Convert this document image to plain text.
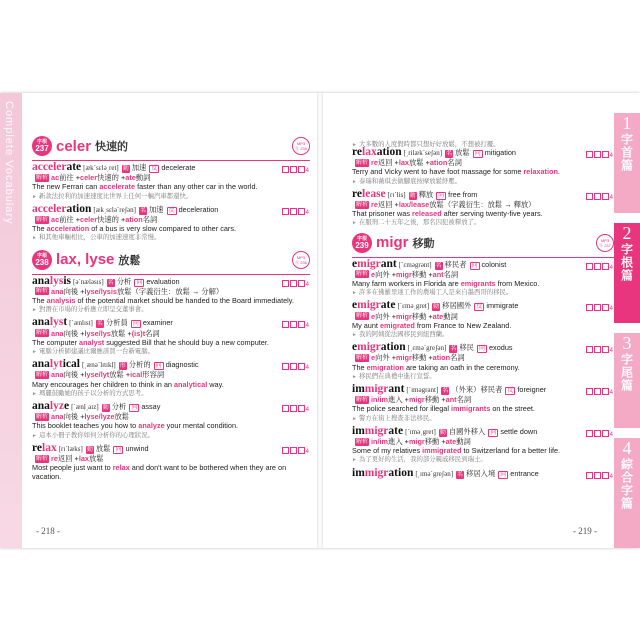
Complete Vocabulary	字根
237 celer 快速的	MP3
Ⓢ 235
accelerate [æk`sɛlə͵ret] 動 加速 反 decelerate	4
解析 ac 前往 + celer 快速的 + ate 動詞
The new Ferrari can accelerate faster than any other car in the world.
► 新款法拉利的加速速度比世界上任何一輛汽車都還快。
acceleration [æk͵sɛlə`reʃən] 名 加速 反 deceleration	4
解析 ac 前往 + celer 快速的 + ation 名詞
The acceleration of a bus is very slow compared to other cars.
► 和其他車輛相比，公車的加速速度非常慢。
字根
238 lax, lyse 放鬆	MP3
Ⓢ 236
analysis [ə`næləsɪs] 名 分析 同 evaluation	4
解析 ana 向後 + lyse/lysis 放鬆（字義衍生：放鬆 → 分解）
The analysis of the potential market should be handed to the Board immediately.
► 對潛在市場的分析應立即呈交董事會。
analyst [`ænlɪst] 名 分析員 同 examiner	4
解析 ana 向後 + lyse/lys 放鬆 + (is)t 名詞
The computer analyst suggested Bill that he should buy a new computer.
► 電腦分析師建議比爾應該買一台新電腦。
analytical [͵ænə`lɪtɪkḷ] 形 分析的 同 diagnostic	4
解析 ana 向後 + lyse/lyt 放鬆 + ical 形容詞
Mary encourages her children to think in an analytical way.
► 瑪麗鼓勵她的孩子以分析的方式思考。
analyze [`ænḷ͵aɪz] 動 分析 同 assay	4
解析 ana 向後 + lyse/lyze 放鬆
This booklet teaches you how to analyze your mental condition.
► 這本小冊子教你如何分析你的心理狀況。
relax [rɪ`læks] 動 放鬆 同 unwind	4
解析 re 返回 + lax 放鬆
Most people just want to relax and don't want to be bothered when they are on vacation.
- 218 -
► 大多數的人度假時都只想好好放鬆，不想被打擾。
relaxation [͵rilæk`seʃən] 名 放鬆 同 mitigation	4
解析 re 返回 + lax 放鬆 + ation 名詞
Terry and Vicky went to have foot massage for some relaxation.
► 泰瑞和薇琪去做腳底按摩放鬆紓壓。
release [rɪ`lis] 動 釋放 同 free from	4
解析 re 返回 + lax/lease 放鬆（字義衍生：放鬆 → 釋放）
That prisoner was released after serving twenty-five years.
► 在服刑二十五年之後，那名囚犯被釋放了。
字根
239 migr 移動	MP3
Ⓢ 237
emigrant [`ɛməgrənt] 名 移民者 同 colonist	4
解析 e 向外 + migr 移動 + ant 名詞
Many farm workers in Florida are emigrants from Mexico.
► 許多在佛羅里達工作的農場工人是來自墨西哥的移民。
emigrate [`ɛmə͵gret] 動 移居國外 反 immigrate	4
解析 e 向外 + migr 移動 + ate 動詞
My aunt emigrated from France to New Zealand.
► 我的阿姨從法國移民到紐西蘭。
emigration [͵ɛmə`greʃən] 名 移民 同 exodus	4
解析 e 向外 + migr 移動 + ation 名詞
The emigration are taking an oath in the ceremony.
► 移民們在典禮中進行宣誓。
immigrant [`ɪməgrənt] 名 （外來）移民者 反 foreigner	4
解析 in/im 進入 + migr 移動 + ant 名詞
The police searched for illegal immigrants on the street.
► 警方在街上搜查非法移民。
immigrate [`ɪmə͵gret] 動 自國外移入 同 settle down	4
解析 in/im 進入 + migr 移動 + ate 動詞
Some of my relatives immigrated to Switzerland for a better life.
► 為了更好的生活，我的部分親戚移民到瑞士。
immigration [͵ɪmə`greʃən] 名 移居入境 同 entrance	4
- 219 -
1
字首篇
2
字根篇
3
字尾篇
4
綜合字篇
